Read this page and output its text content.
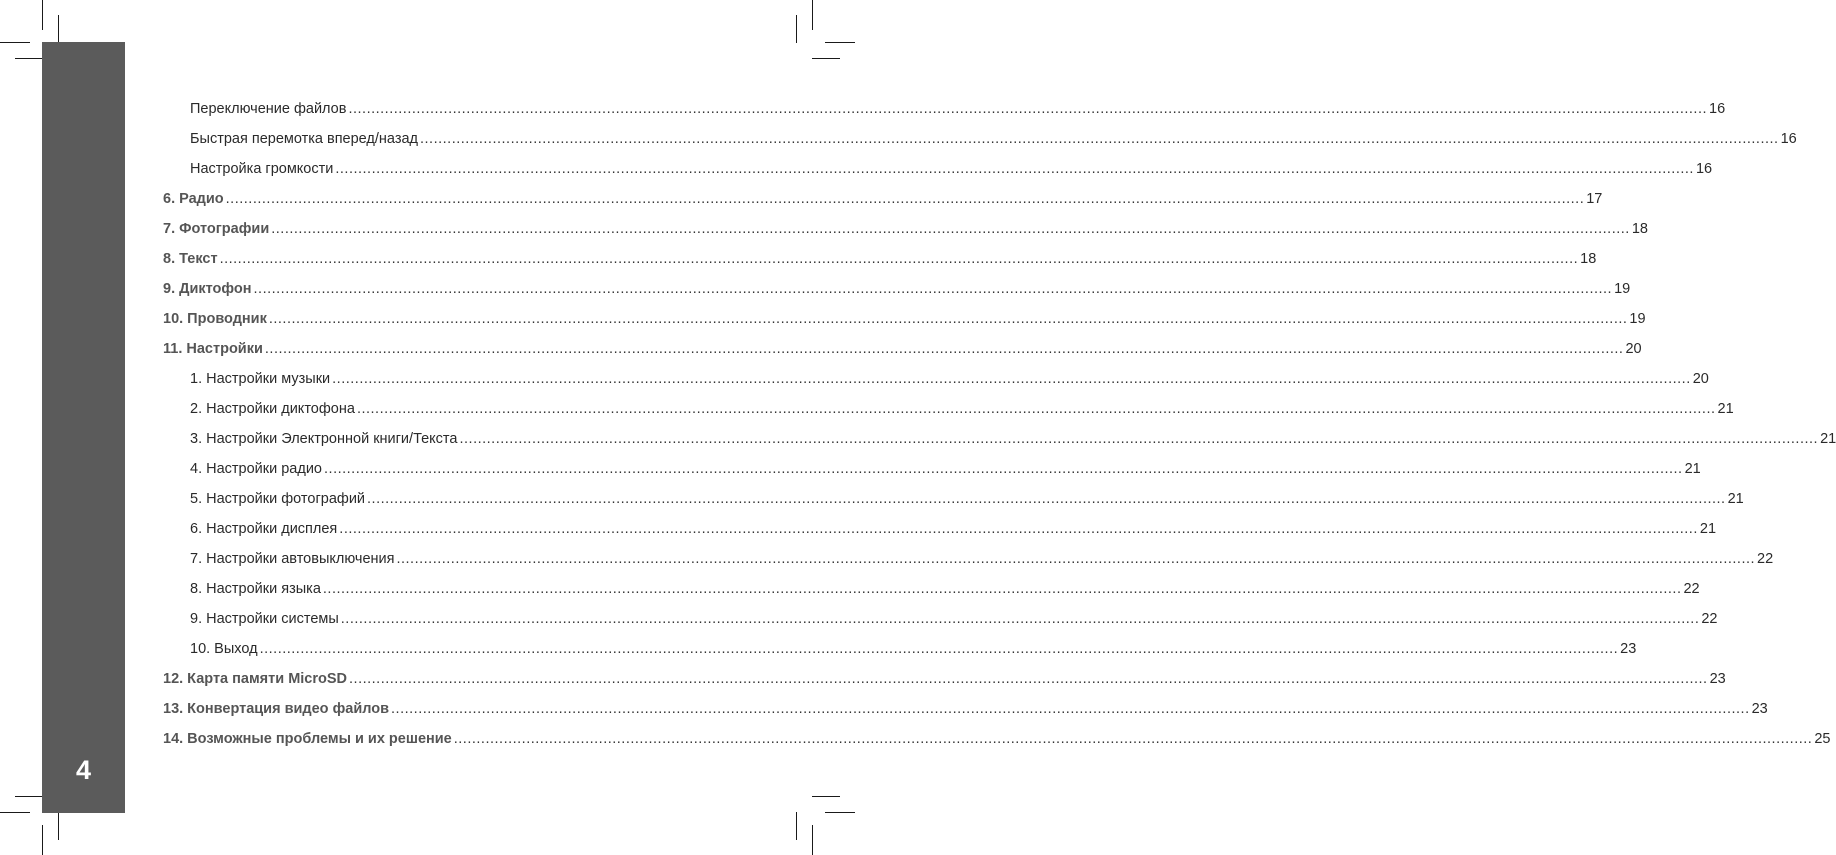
4
Переключение файлов ............................................................................................................................................................................................................................................................................................................ 16
Быстрая перемотка вперед/назад ............................................................................................................................................................................................................................................................................................................ 16
Настройка громкости ............................................................................................................................................................................................................................................................................................................ 16
6. Радио ............................................................................................................................................................................................................................................................................................................ 17
7. Фотографии ............................................................................................................................................................................................................................................................................................................ 18
8. Текст ............................................................................................................................................................................................................................................................................................................ 18
9. Диктофон ............................................................................................................................................................................................................................................................................................................ 19
10. Проводник ............................................................................................................................................................................................................................................................................................................ 19
11. Настройки ............................................................................................................................................................................................................................................................................................................ 20
1. Настройки музыки ............................................................................................................................................................................................................................................................................................................ 20
2. Настройки диктофона ............................................................................................................................................................................................................................................................................................................ 21
3. Настройки Электронной книги/Текста ............................................................................................................................................................................................................................................................................................................ 21
4. Настройки радио ............................................................................................................................................................................................................................................................................................................ 21
5. Настройки фотографий ............................................................................................................................................................................................................................................................................................................ 21
6. Настройки дисплея ............................................................................................................................................................................................................................................................................................................ 21
7. Настройки автовыключения ............................................................................................................................................................................................................................................................................................................ 22
8. Настройки языка ............................................................................................................................................................................................................................................................................................................ 22
9. Настройки системы ............................................................................................................................................................................................................................................................................................................ 22
10. Выход ............................................................................................................................................................................................................................................................................................................ 23
12. Карта памяти MicroSD ............................................................................................................................................................................................................................................................................................................ 23
13. Конвертация видео файлов ............................................................................................................................................................................................................................................................................................................ 23
14. Возможные проблемы и их решение ............................................................................................................................................................................................................................................................................................................ 25
